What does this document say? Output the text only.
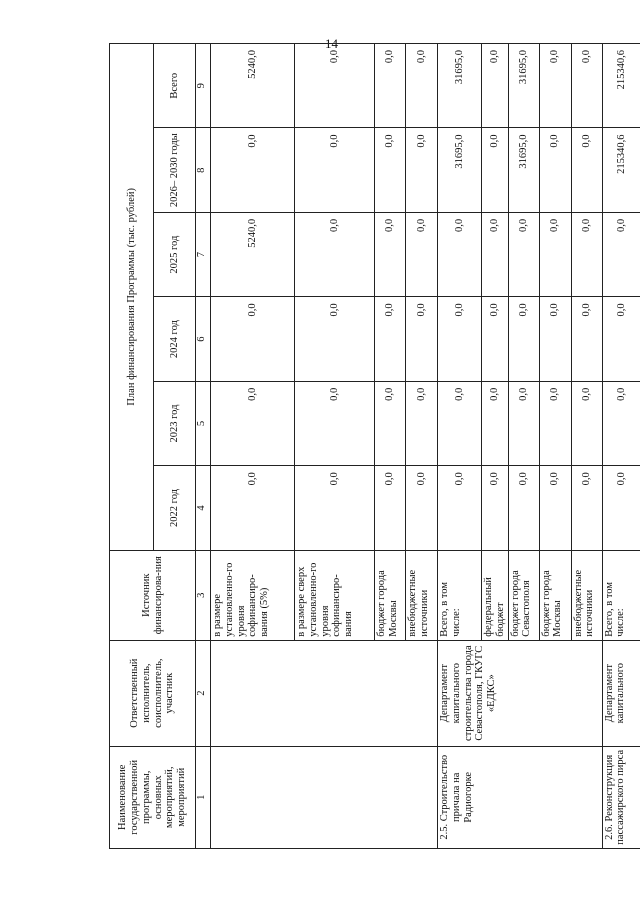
14
Наименование государственной программы, основных мероприятий, мероприятий	Ответственный исполнитель, соисполнитель, участник	Источник финансирова-ния	План финансирования Программы (тыс. рублей)					
			2022 год	2023 год	2024 год	2025 год	2026– 2030 годы	Всего
1	2	3	4	5	6	7	8	9
		в размере установленно-го уровня софинансиро-вания (5%)	0,0	0,0	0,0	5240,0	0,0	5240,0
		в размере сверх установленно-го уровня софинансиро-вания	0,0	0,0	0,0	0,0	0,0	0,0
		бюджет города Москвы	0,0	0,0	0,0	0,0	0,0	0,0
		внебюджетные источники	0,0	0,0	0,0	0,0	0,0	0,0
2.5. Строительство причала на Радиогорке	Департамент капитального строительства города Севастополя, ГКУГС «ЕДКС»	Всего, в том числе:	0,0	0,0	0,0	0,0	31695,0	31695,0
		федеральный бюджет	0,0	0,0	0,0	0,0	0,0	0,0
		бюджет города Севастополя	0,0	0,0	0,0	0,0	31695,0	31695,0
		бюджет города Москвы	0,0	0,0	0,0	0,0	0,0	0,0
		внебюджетные источники	0,0	0,0	0,0	0,0	0,0	0,0
2.6. Реконструкция пассажирского пирса	Департамент капитального	Всего, в том числе:	0,0	0,0	0,0	0,0	215340,6	215340,6
